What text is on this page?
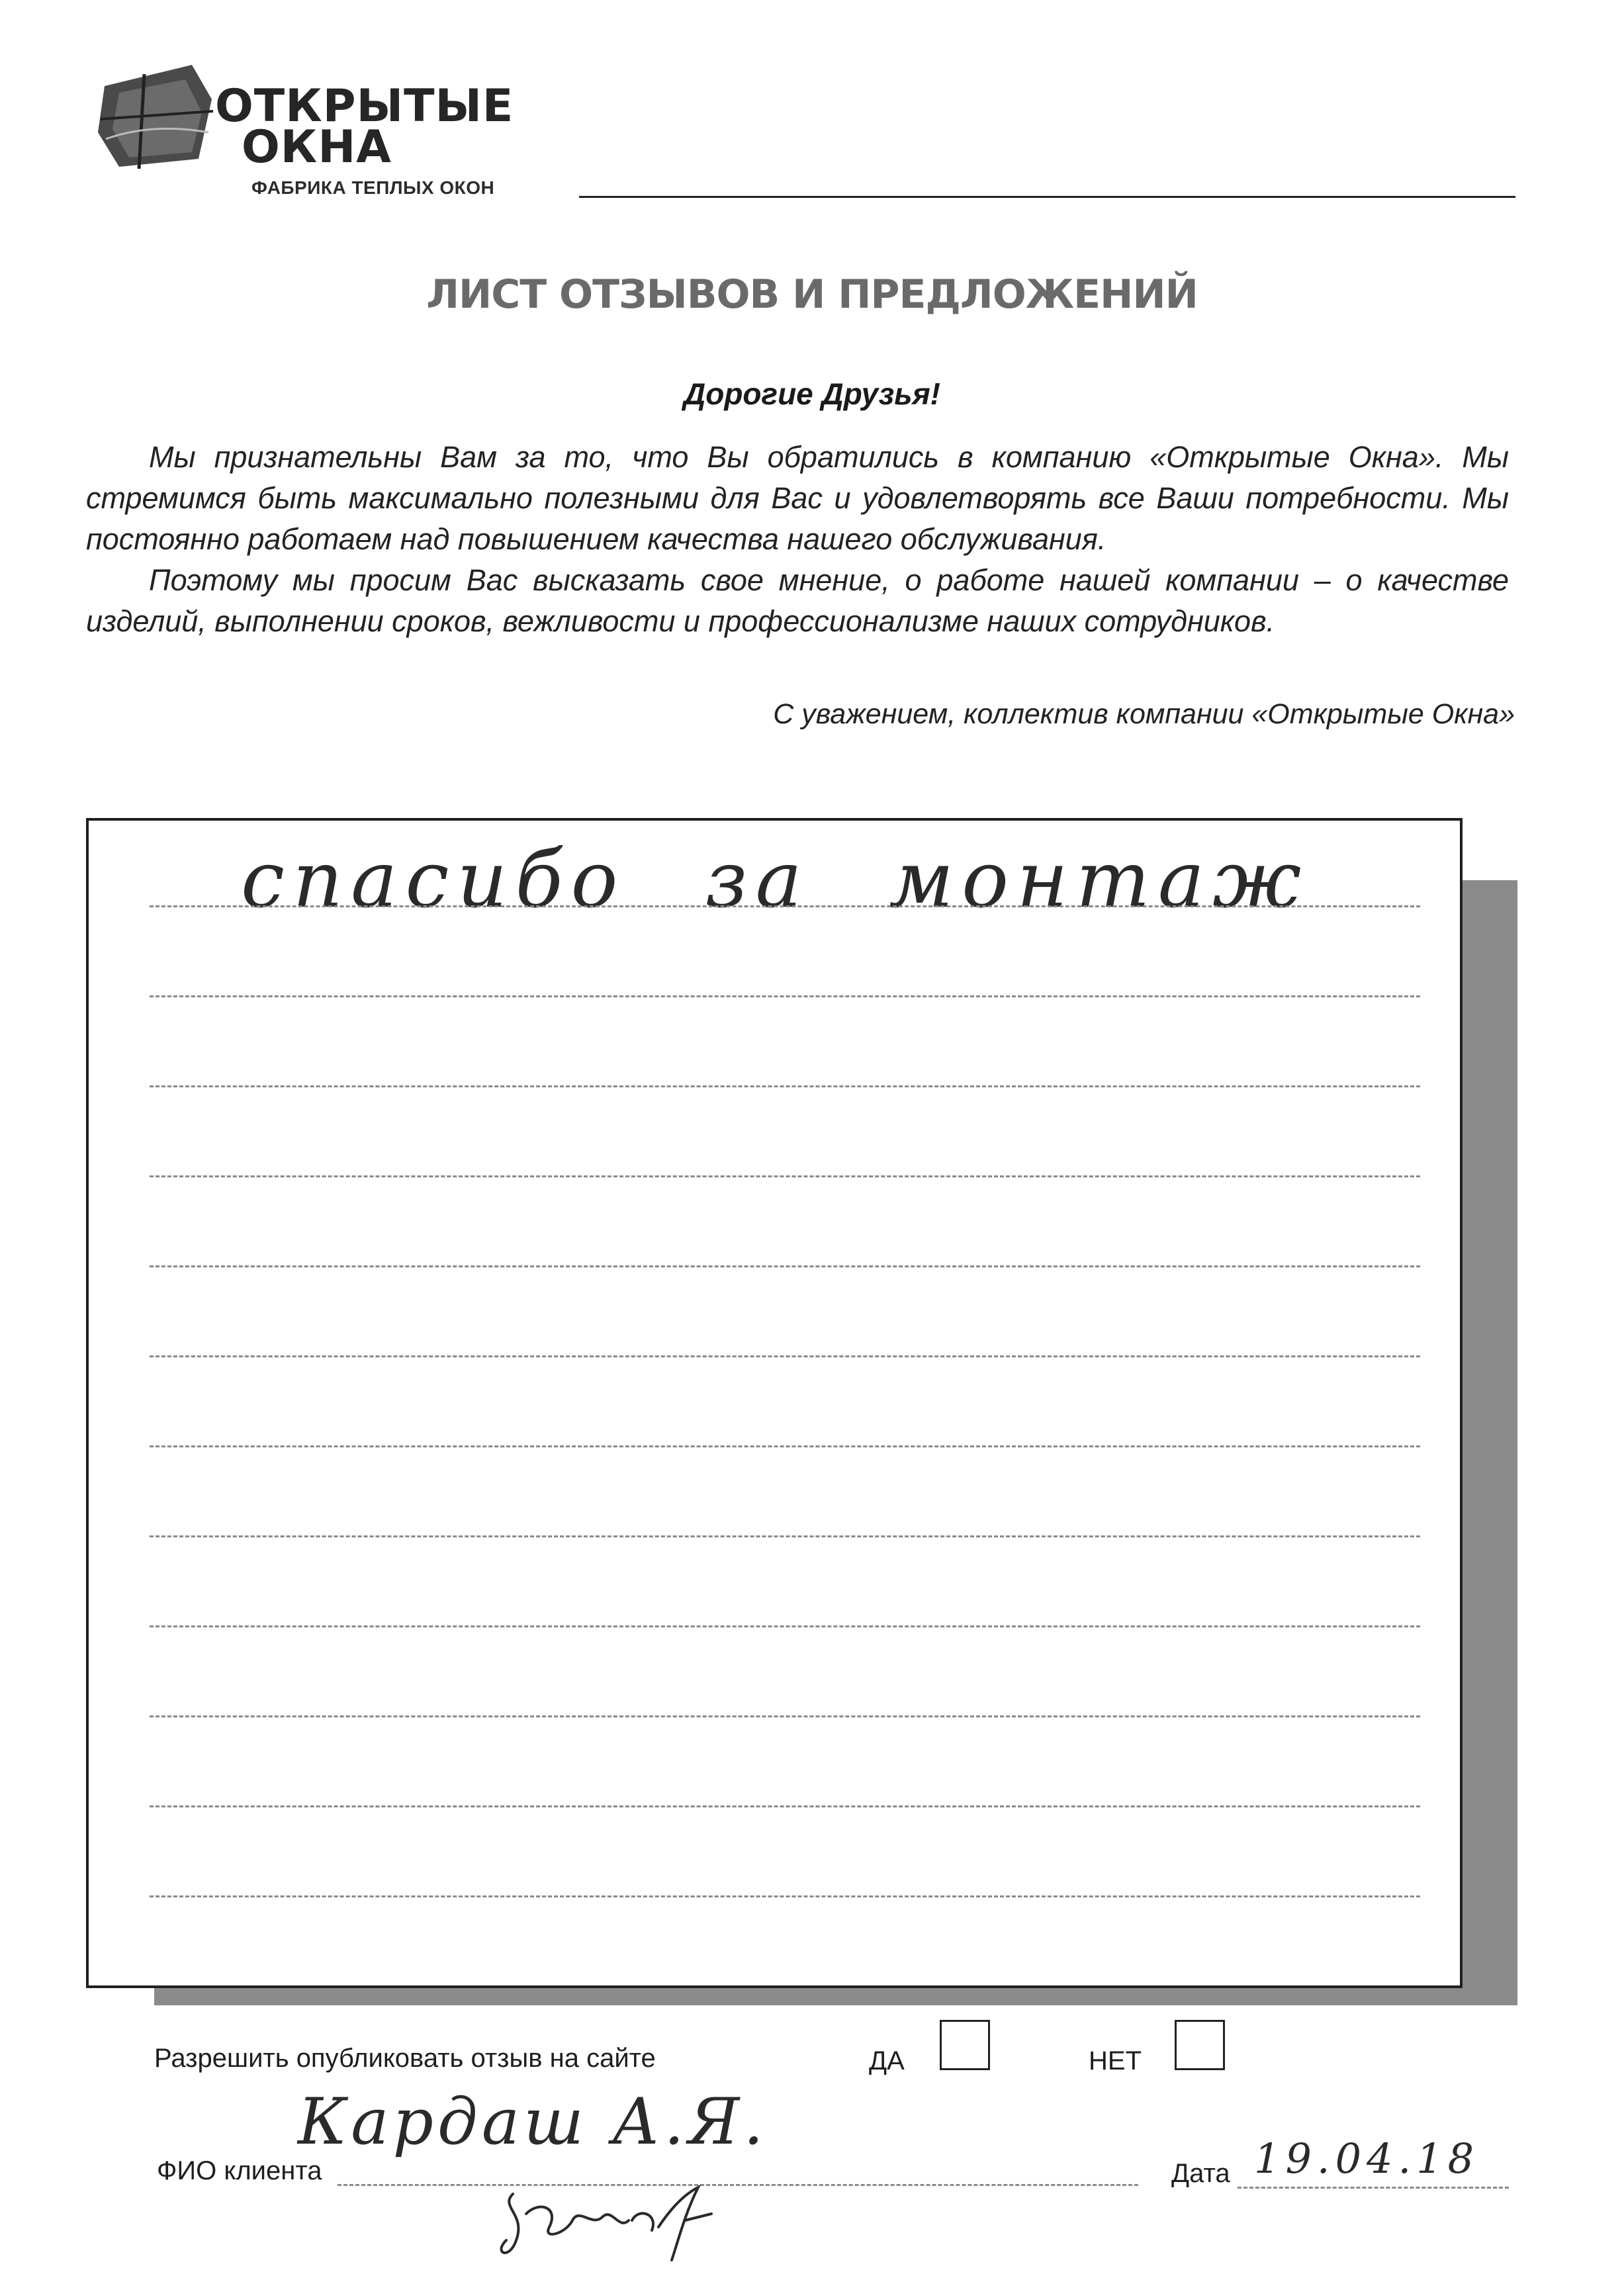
ОТКРЫТЫЕ
ОКНА
ФАБРИКА ТЕПЛЫХ ОКОН
ЛИСТ ОТЗЫВОВ И ПРЕДЛОЖЕНИЙ
Дорогие Друзья!

Мы признательны Вам за то, что Вы обратились в компанию «Открытые Окна». Мы стремимся быть максимально полезными для Вас и удовлетворять все Ваши потребности. Мы постоянно работаем над повышением качества нашего обслуживания.

Поэтому мы просим Вас высказать свое мнение, о работе нашей компании – о качестве изделий, выполнении сроков, вежливости и профессионализме наших сотрудников.

С уважением, коллектив компании «Открытые Окна»
спасибо за монтаж
Разрешить опубликовать отзыв на сайте	ДА	НЕТ
ФИО клиента
Кардаш А.Я.
Дата 19.04.18
